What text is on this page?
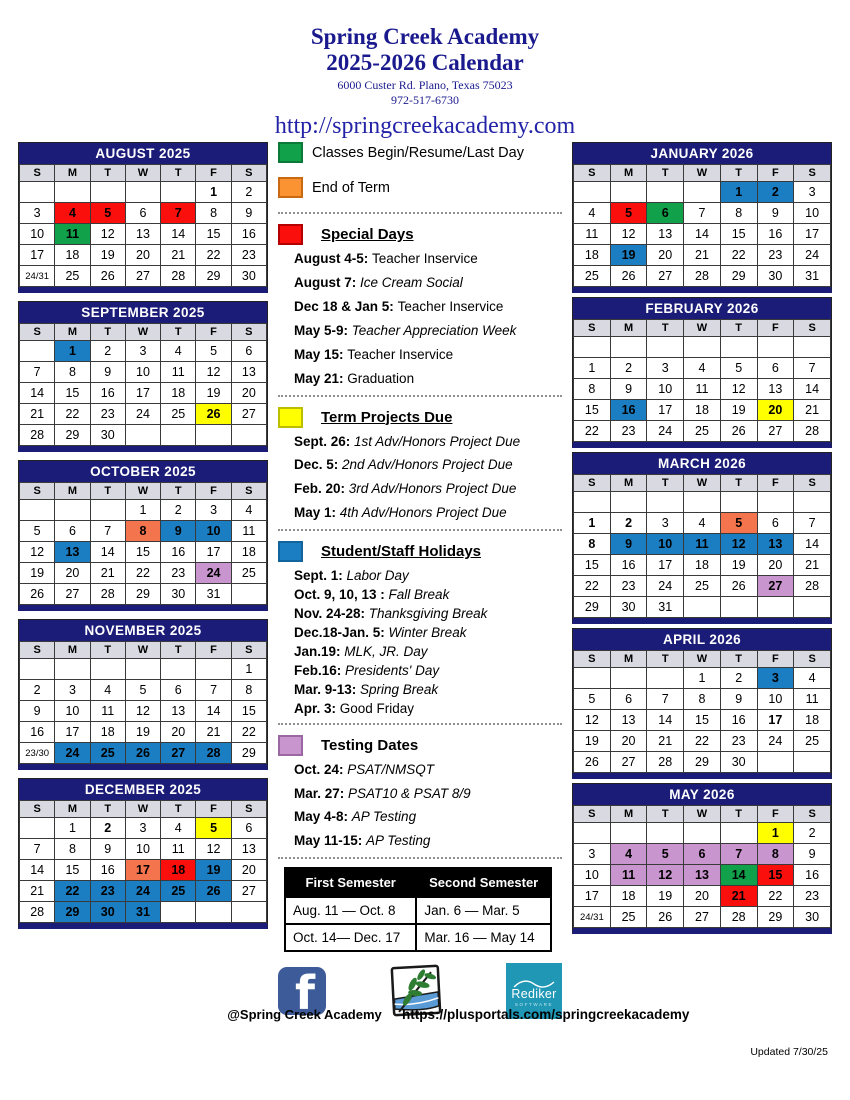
Spring Creek Academy
2025-2026 Calendar
6000 Custer Rd. Plano, Texas 75023
972-517-6730
http://springcreekacademy.com
AUGUST 2025
S	M	T	W	T	F	S
					1	2
3	4	5	6	7	8	9
10	11	12	13	14	15	16
17	18	19	20	21	22	23
24/31	25	26	27	28	29	30
SEPTEMBER 2025
S	M	T	W	T	F	S
	1	2	3	4	5	6
7	8	9	10	11	12	13
14	15	16	17	18	19	20
21	22	23	24	25	26	27
28	29	30				
OCTOBER 2025
S	M	T	W	T	F	S
			1	2	3	4
5	6	7	8	9	10	11
12	13	14	15	16	17	18
19	20	21	22	23	24	25
26	27	28	29	30	31	
NOVEMBER 2025
S	M	T	W	T	F	S
						1
2	3	4	5	6	7	8
9	10	11	12	13	14	15
16	17	18	19	20	21	22
23/30	24	25	26	27	28	29
DECEMBER 2025
S	M	T	W	T	F	S
	1	2	3	4	5	6
7	8	9	10	11	12	13
14	15	16	17	18	19	20
21	22	23	24	25	26	27
28	29	30	31			
Classes Begin/Resume/Last Day
End of Term
Special Days
August 4-5: Teacher Inservice
August 7: Ice Cream Social
Dec 18 & Jan 5: Teacher Inservice
May 5-9: Teacher Appreciation Week
May 15: Teacher Inservice
May 21: Graduation
Term Projects Due
Sept. 26: 1st Adv/Honors Project Due
Dec. 5: 2nd Adv/Honors Project Due
Feb. 20: 3rd Adv/Honors Project Due
May 1: 4th Adv/Honors Project Due
Student/Staff Holidays
Sept. 1: Labor Day
Oct. 9, 10, 13 : Fall Break
Nov. 24-28: Thanksgiving Break
Dec.18-Jan. 5: Winter Break
Jan.19: MLK, JR. Day
Feb.16: Presidents' Day
Mar. 9-13: Spring Break
Apr. 3: Good Friday
Testing Dates
Oct. 24: PSAT/NMSQT
Mar. 27: PSAT10 & PSAT 8/9
May 4-8: AP Testing
May 11-15: AP Testing
First Semester	Second Semester
Aug. 11 — Oct. 8	Jan. 6 — Mar. 5
Oct. 14— Dec. 17	Mar. 16 — May 14
f	Rediker
SOFTWARE
JANUARY 2026
S	M	T	W	T	F	S
				1	2	3
4	5	6	7	8	9	10
11	12	13	14	15	16	17
18	19	20	21	22	23	24
25	26	27	28	29	30	31
FEBRUARY 2026
S	M	T	W	T	F	S

1	2	3	4	5	6	7
8	9	10	11	12	13	14
15	16	17	18	19	20	21
22	23	24	25	26	27	28
MARCH 2026
S	M	T	W	T	F	S

1	2	3	4	5	6	7
8	9	10	11	12	13	14
15	16	17	18	19	20	21
22	23	24	25	26	27	28
29	30	31				
APRIL 2026
S	M	T	W	T	F	S
			1	2	3	4
5	6	7	8	9	10	11
12	13	14	15	16	17	18
19	20	21	22	23	24	25
26	27	28	29	30		
MAY 2026
S	M	T	W	T	F	S
					1	2
3	4	5	6	7	8	9
10	11	12	13	14	15	16
17	18	19	20	21	22	23
24/31	25	26	27	28	29	30
@Spring Creek Academy	https://plusportals.com/springcreekacademy
Updated 7/30/25
